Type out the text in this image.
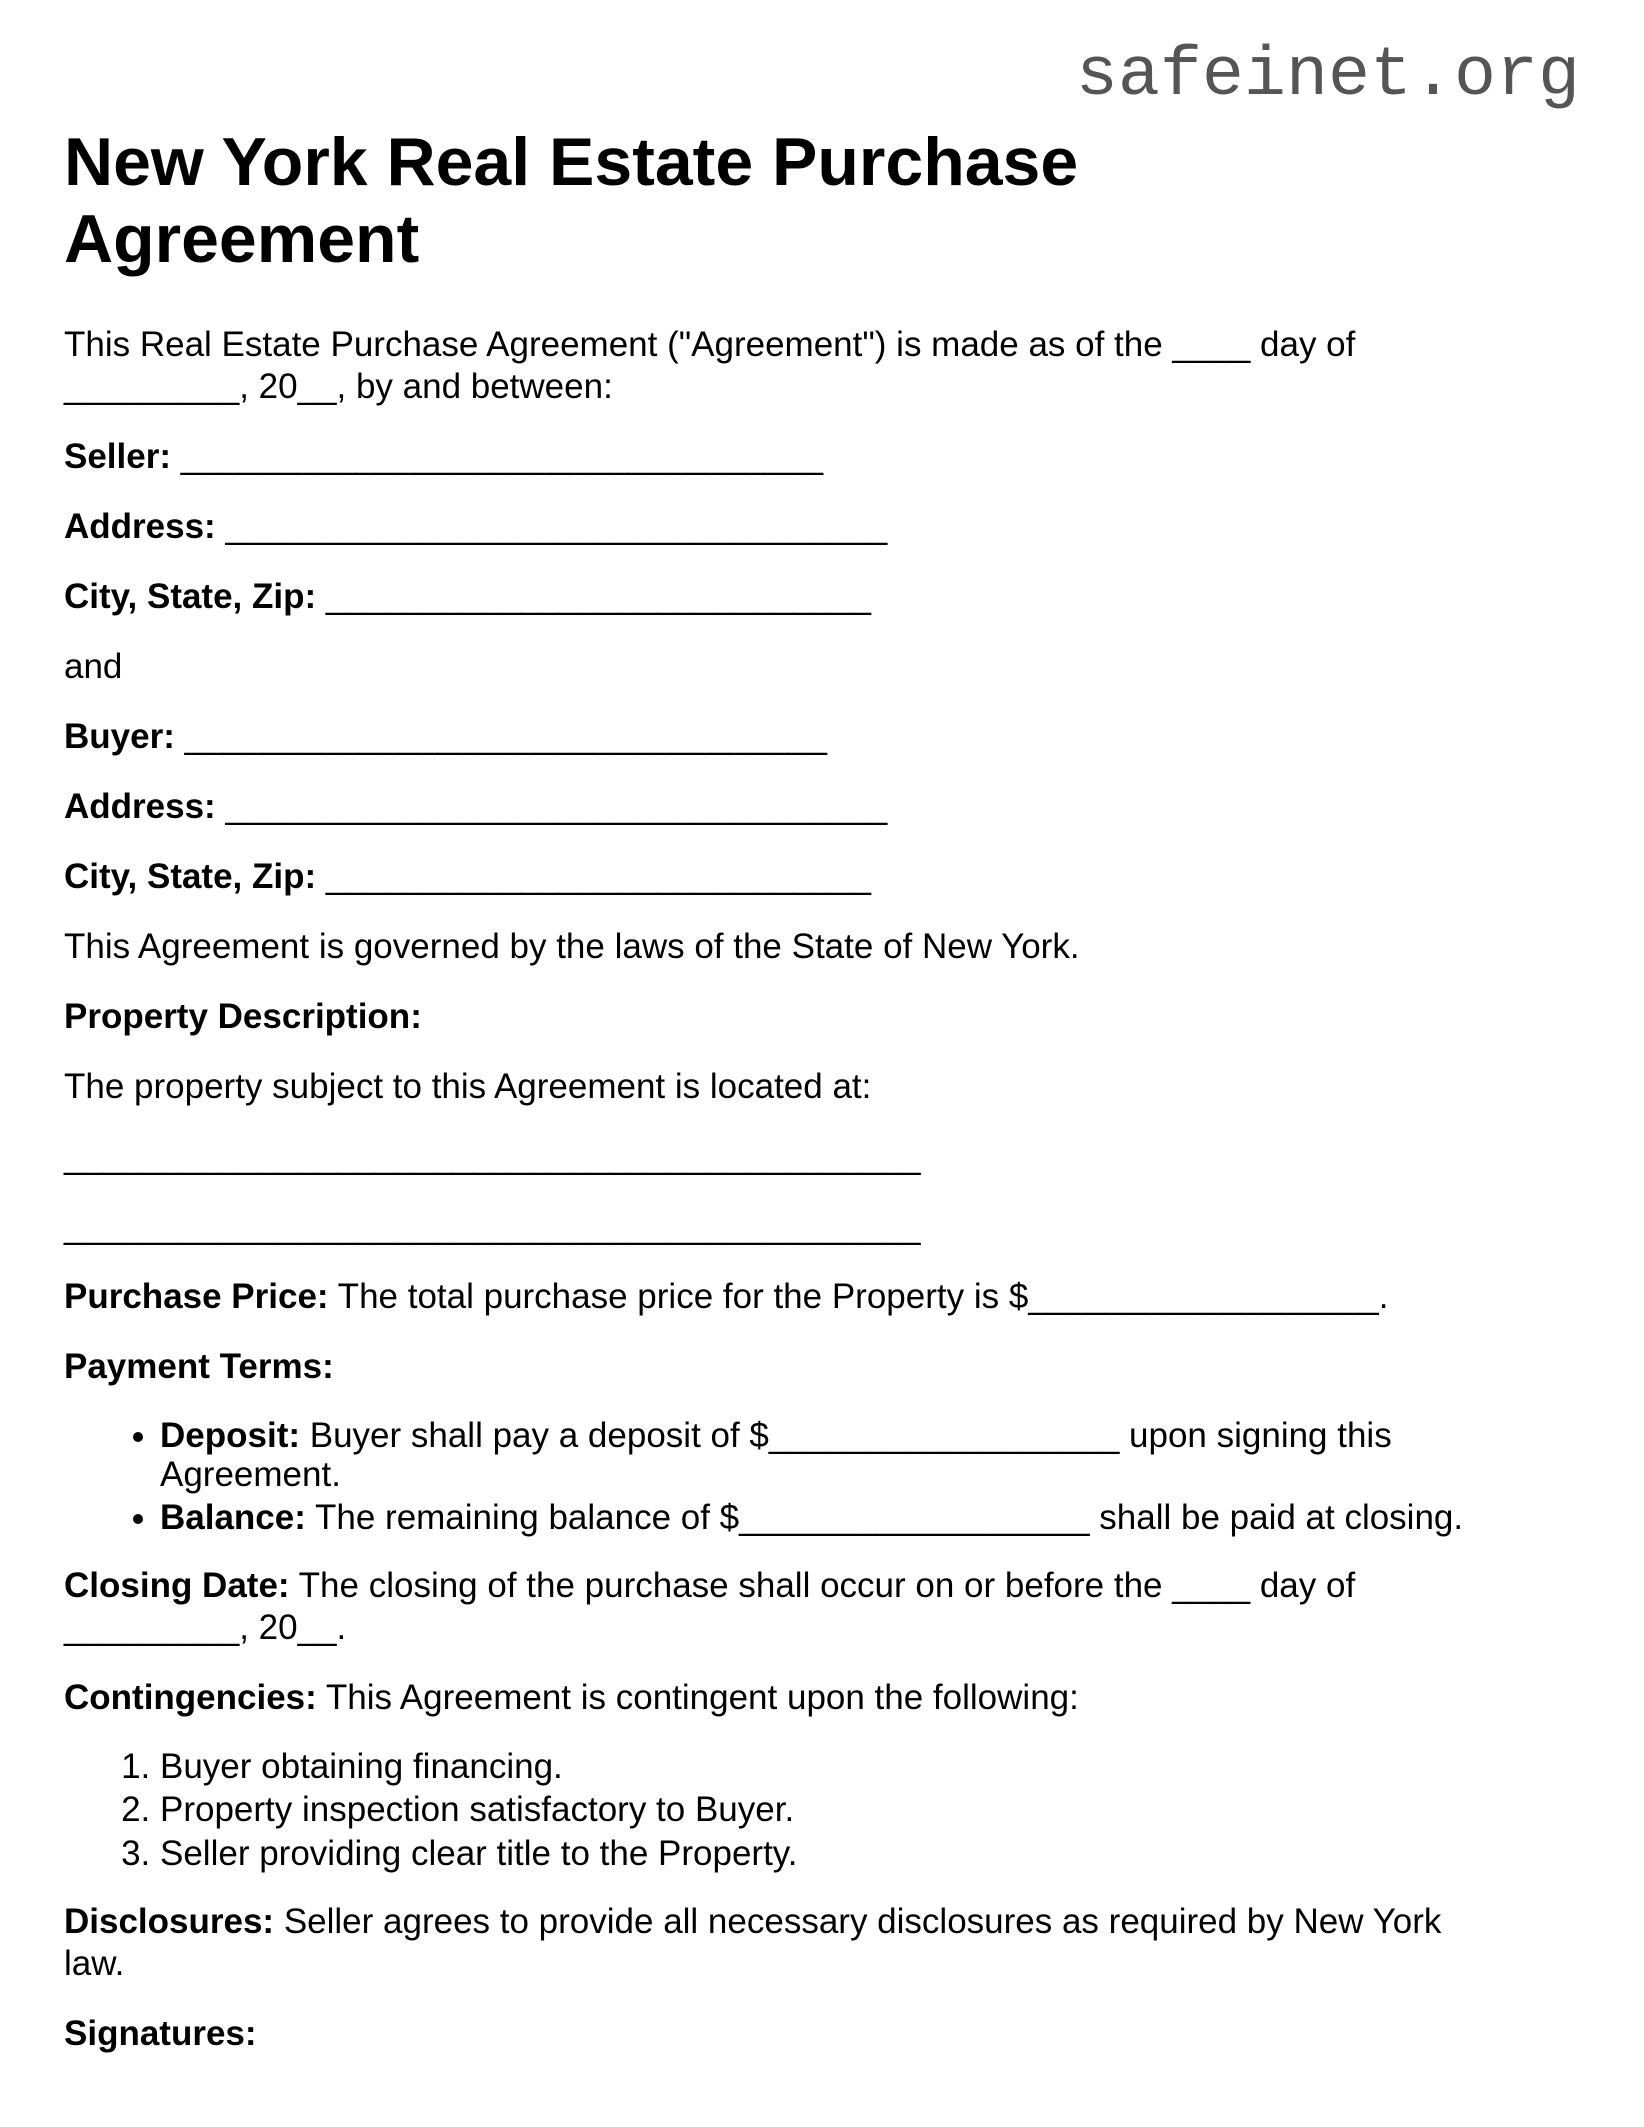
safeinet.org
New York Real Estate Purchase
Agreement

This Real Estate Purchase Agreement ("Agreement") is made as of the ____ day of
_________, 20__, by and between:

Seller: _________________________________

Address: __________________________________

City, State, Zip: ____________________________

and

Buyer: _________________________________

Address: __________________________________

City, State, Zip: ____________________________

This Agreement is governed by the laws of the State of New York.

Property Description:

The property subject to this Agreement is located at:

____________________________________________

____________________________________________

Purchase Price: The total purchase price for the Property is $__________________.

Payment Terms:

• Deposit: Buyer shall pay a deposit of $__________________ upon signing this
Agreement.
• Balance: The remaining balance of $__________________ shall be paid at closing.

Closing Date: The closing of the purchase shall occur on or before the ____ day of
_________, 20__.

Contingencies: This Agreement is contingent upon the following:

1. Buyer obtaining financing.
2. Property inspection satisfactory to Buyer.
3. Seller providing clear title to the Property.

Disclosures: Seller agrees to provide all necessary disclosures as required by New York
law.

Signatures:
